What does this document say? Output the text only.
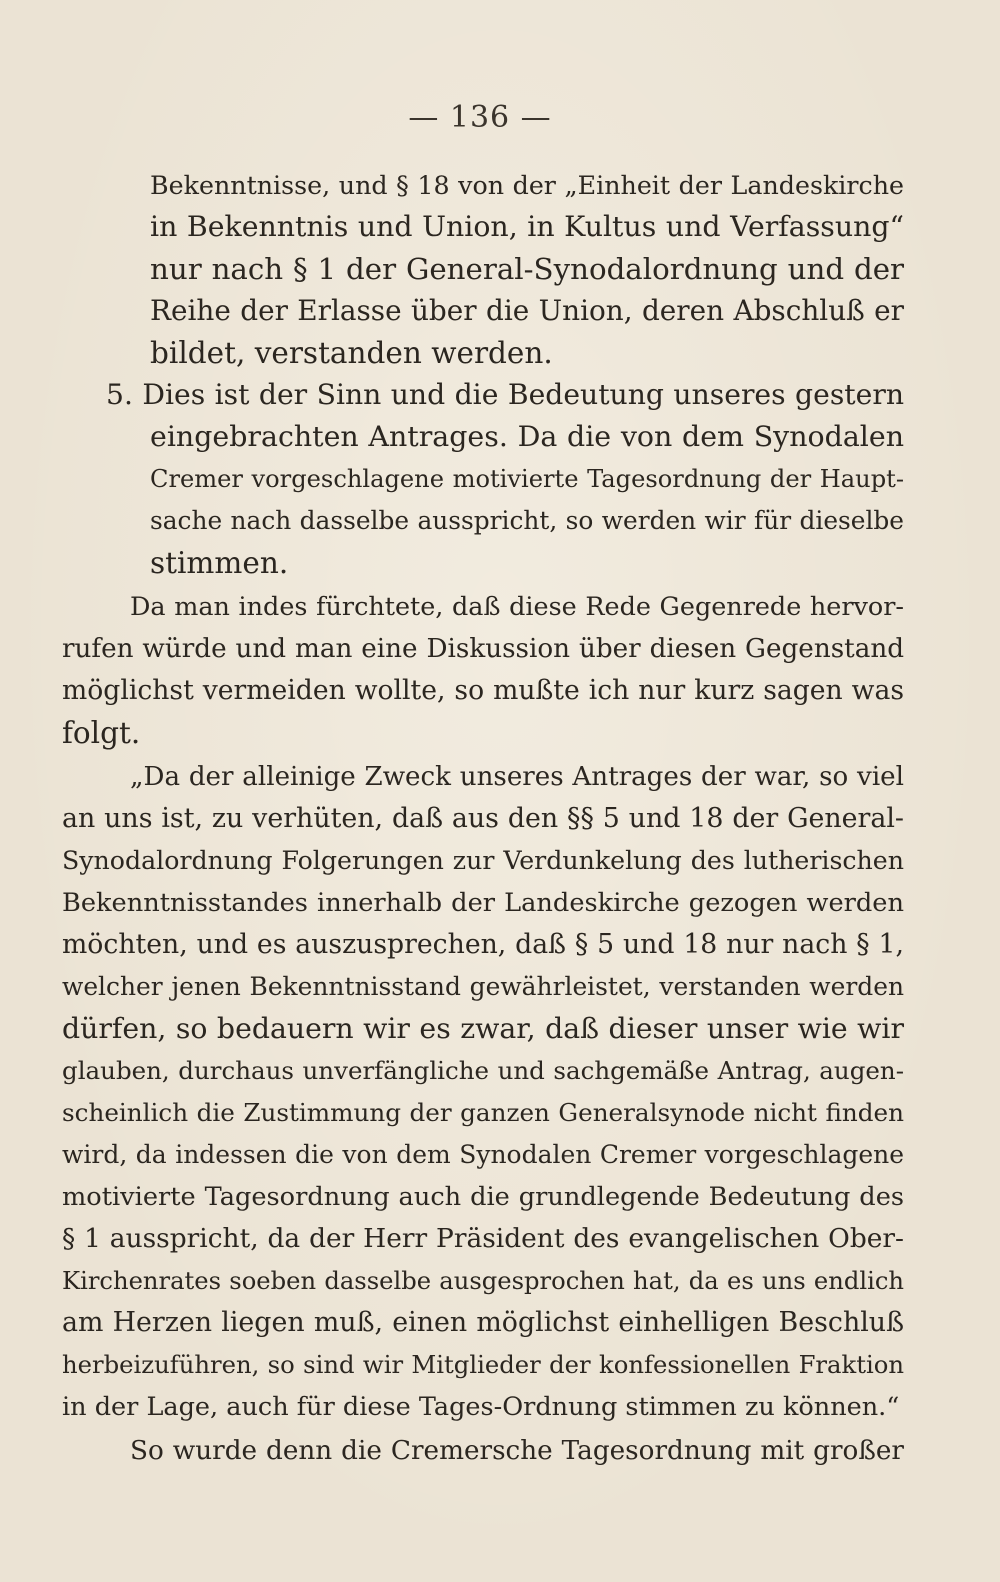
— 136 —
Bekenntnisse, und § 18 von der „Einheit der Landeskirche
in Bekenntnis und Union, in Kultus und Verfassung“
nur nach § 1 der General-Synodalordnung und der
Reihe der Erlasse über die Union, deren Abschluß er
bildet, verstanden werden.
5. Dies ist der Sinn und die Bedeutung unseres gestern
eingebrachten Antrages. Da die von dem Synodalen
Cremer vorgeschlagene motivierte Tagesordnung der Haupt-
sache nach dasselbe ausspricht, so werden wir für dieselbe
stimmen.
Da man indes fürchtete, daß diese Rede Gegenrede hervor-
rufen würde und man eine Diskussion über diesen Gegenstand
möglichst vermeiden wollte, so mußte ich nur kurz sagen was
folgt.
„Da der alleinige Zweck unseres Antrages der war, so viel
an uns ist, zu verhüten, daß aus den §§ 5 und 18 der General-
Synodalordnung Folgerungen zur Verdunkelung des lutherischen
Bekenntnisstandes innerhalb der Landeskirche gezogen werden
möchten, und es auszusprechen, daß § 5 und 18 nur nach § 1,
welcher jenen Bekenntnisstand gewährleistet, verstanden werden
dürfen, so bedauern wir es zwar, daß dieser unser wie wir
glauben, durchaus unverfängliche und sachgemäße Antrag, augen-
scheinlich die Zustimmung der ganzen Generalsynode nicht finden
wird, da indessen die von dem Synodalen Cremer vorgeschlagene
motivierte Tagesordnung auch die grundlegende Bedeutung des
§ 1 ausspricht, da der Herr Präsident des evangelischen Ober-
Kirchenrates soeben dasselbe ausgesprochen hat, da es uns endlich
am Herzen liegen muß, einen möglichst einhelligen Beschluß
herbeizuführen, so sind wir Mitglieder der konfessionellen Fraktion
in der Lage, auch für diese Tages-Ordnung stimmen zu können.“
So wurde denn die Cremersche Tagesordnung mit großer
